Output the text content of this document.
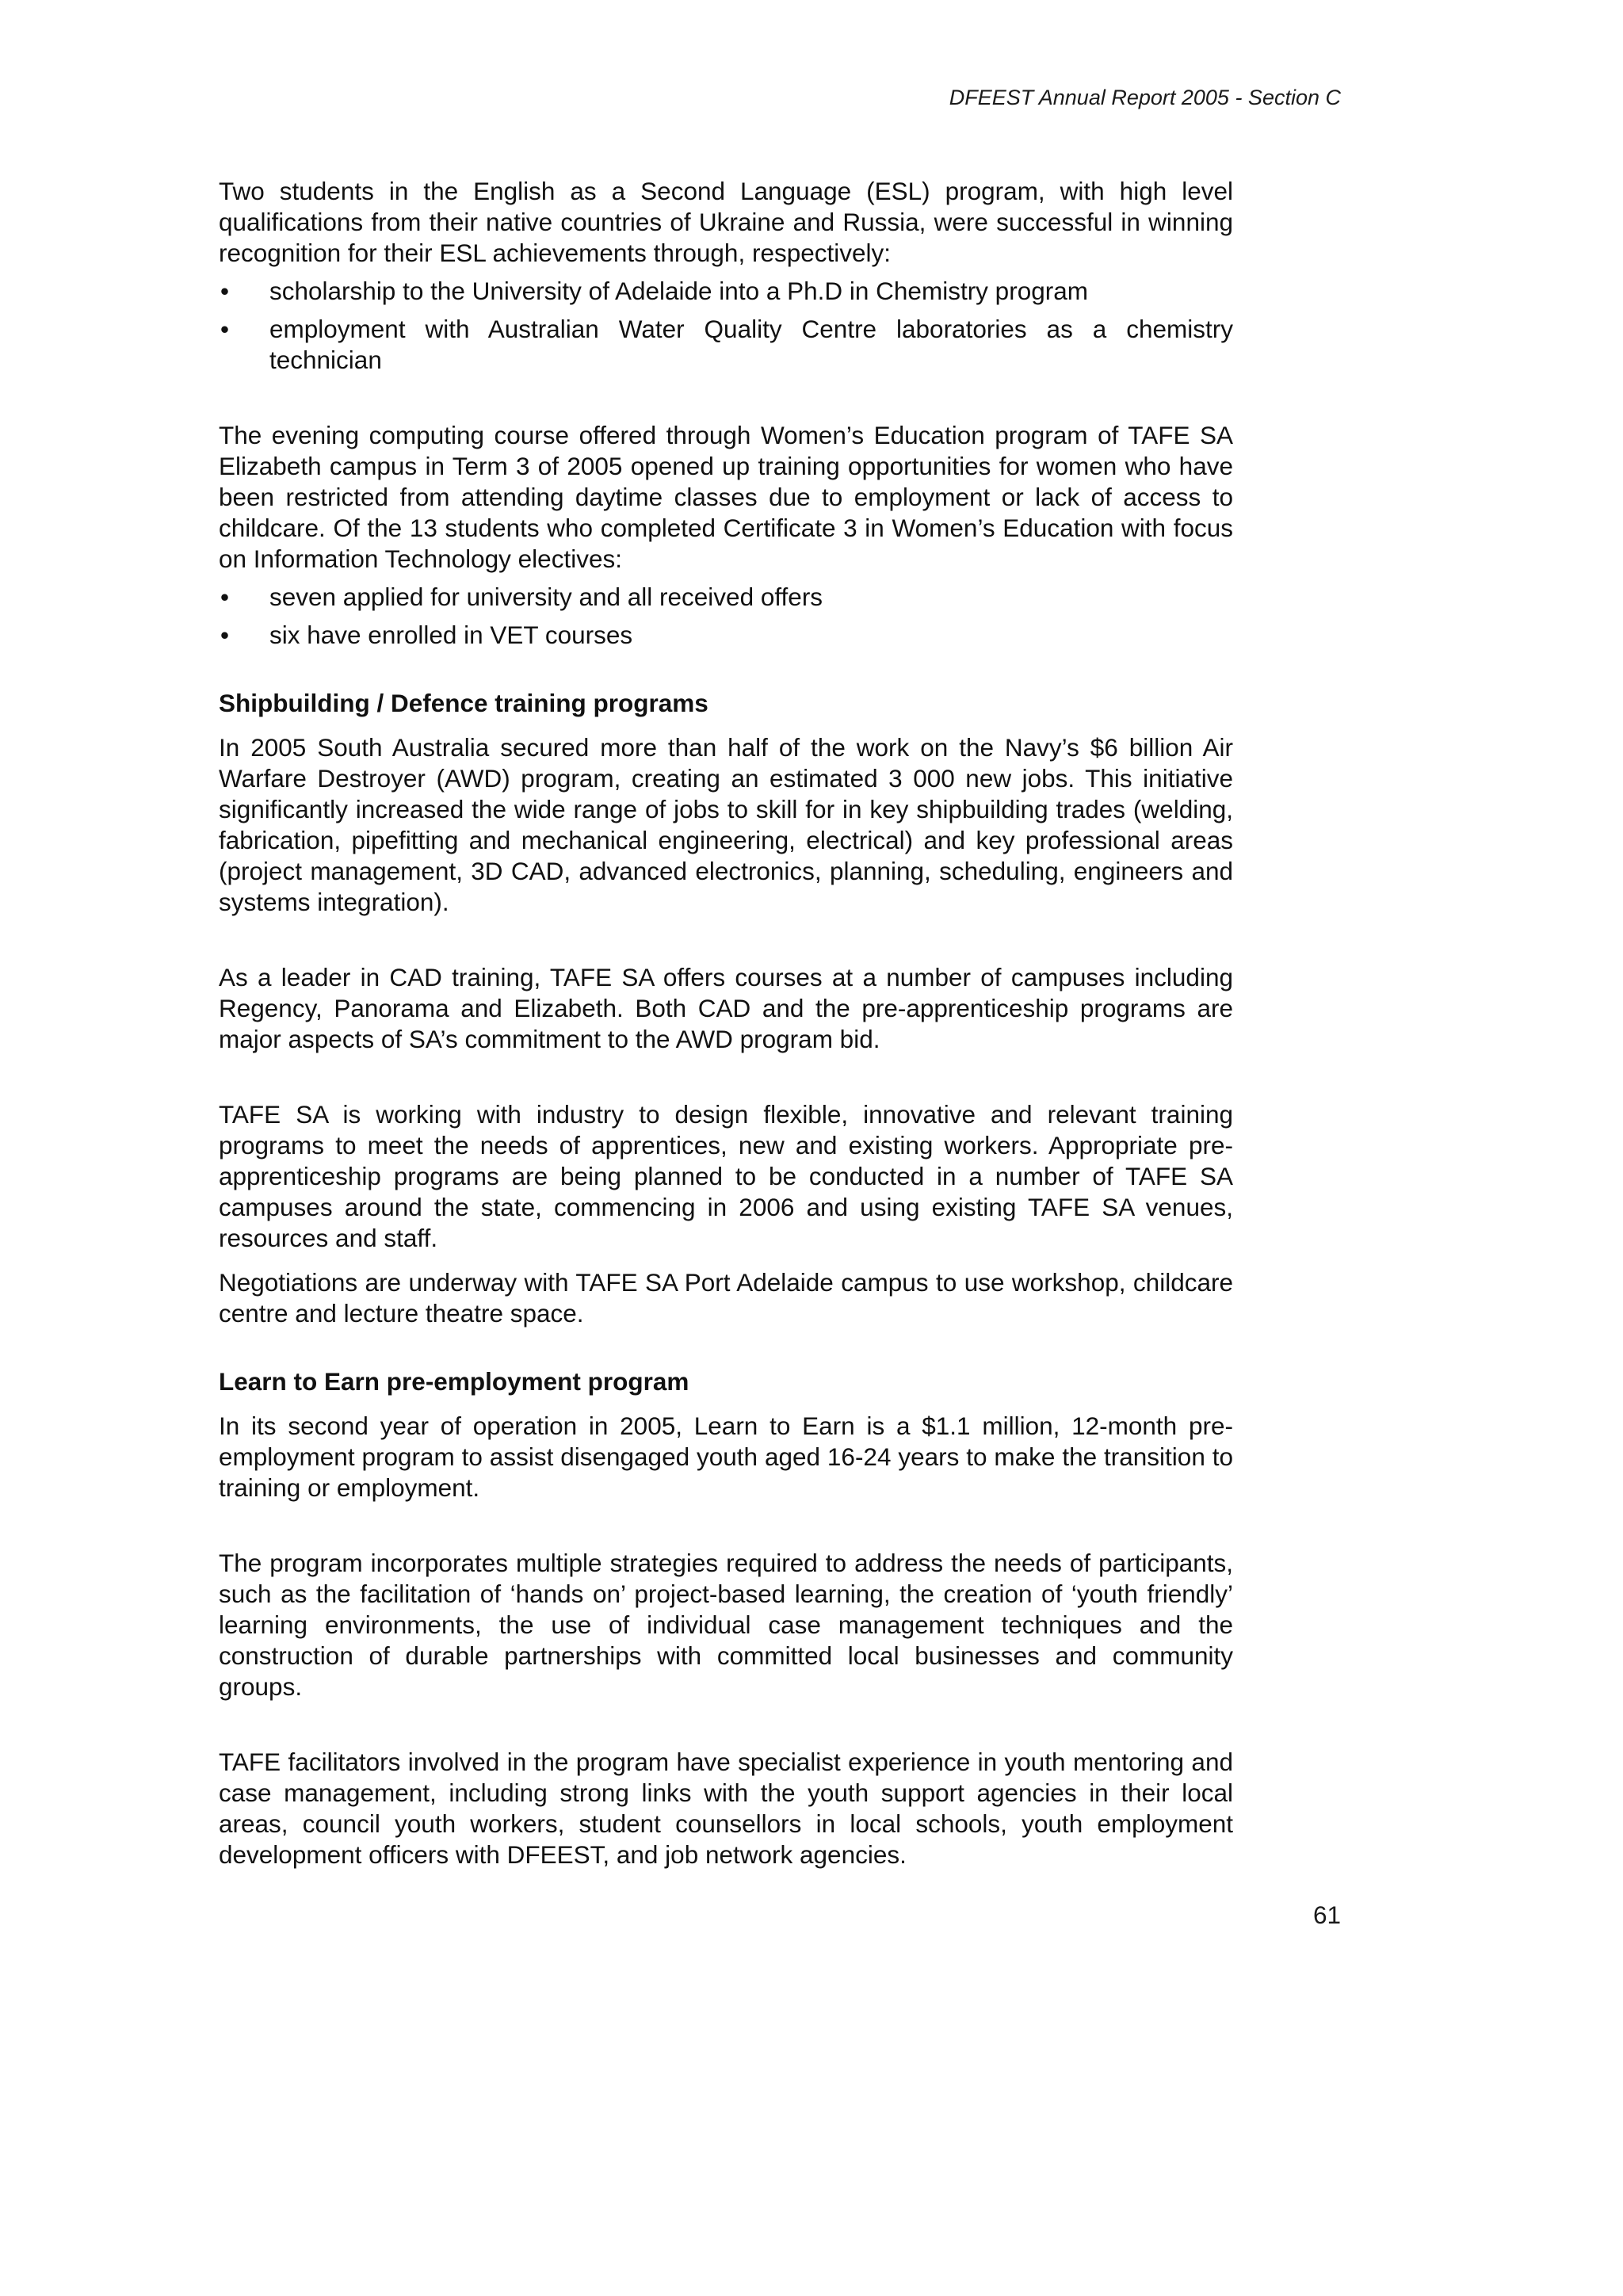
DFEEST Annual Report 2005 - Section C

Two students in the English as a Second Language (ESL) program, with high level qualifications from their native countries of Ukraine and Russia, were successful in winning recognition for their ESL achievements through, respectively:

• scholarship to the University of Adelaide into a Ph.D in Chemistry program
• employment with Australian Water Quality Centre laboratories as a chemistry technician

The evening computing course offered through Women’s Education program of TAFE SA Elizabeth campus in Term 3 of 2005 opened up training opportunities for women who have been restricted from attending daytime classes due to employment or lack of access to childcare. Of the 13 students who completed Certificate 3 in Women’s Education with focus on Information Technology electives:

• seven applied for university and all received offers
• six have enrolled in VET courses
Shipbuilding / Defence training programs

In 2005 South Australia secured more than half of the work on the Navy’s $6 billion Air Warfare Destroyer (AWD) program, creating an estimated 3 000 new jobs. This initiative significantly increased the wide range of jobs to skill for in key shipbuilding trades (welding, fabrication, pipefitting and mechanical engineering, electrical) and key professional areas (project management, 3D CAD, advanced electronics, planning, scheduling, engineers and systems integration).

As a leader in CAD training, TAFE SA offers courses at a number of campuses including Regency, Panorama and Elizabeth. Both CAD and the pre-apprenticeship programs are major aspects of SA’s commitment to the AWD program bid.

TAFE SA is working with industry to design flexible, innovative and relevant training programs to meet the needs of apprentices, new and existing workers. Appropriate pre-apprenticeship programs are being planned to be conducted in a number of TAFE SA campuses around the state, commencing in 2006 and using existing TAFE SA venues, resources and staff.

Negotiations are underway with TAFE SA Port Adelaide campus to use workshop, childcare centre and lecture theatre space.

Learn to Earn pre-employment program

In its second year of operation in 2005, Learn to Earn is a $1.1 million, 12-month pre-employment program to assist disengaged youth aged 16-24 years to make the transition to training or employment.

The program incorporates multiple strategies required to address the needs of participants, such as the facilitation of ‘hands on’ project-based learning, the creation of ‘youth friendly’ learning environments, the use of individual case management techniques and the construction of durable partnerships with committed local businesses and community groups.

TAFE facilitators involved in the program have specialist experience in youth mentoring and case management, including strong links with the youth support agencies in their local areas, council youth workers, student counsellors in local schools, youth employment development officers with DFEEST, and job network agencies.

61
